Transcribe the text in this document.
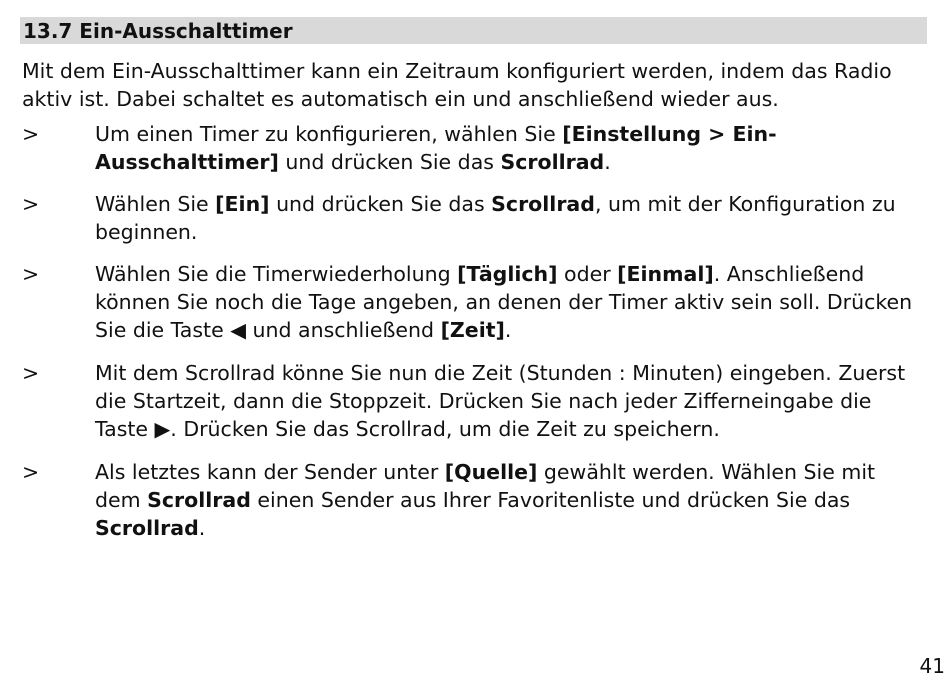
13.7 Ein-Ausschalttimer

Mit dem Ein-Ausschalttimer kann ein Zeitraum konfiguriert werden, indem das Radio aktiv ist. Dabei schaltet es automatisch ein und anschließend wieder aus.

>	Um einen Timer zu konfigurieren, wählen Sie [Einstellung > Ein-Ausschalttimer] und drücken Sie das Scrollrad.
>	Wählen Sie [Ein] und drücken Sie das Scrollrad, um mit der Konfiguration zu beginnen.
>	Wählen Sie die Timerwiederholung [Täglich] oder [Einmal]. Anschließend können Sie noch die Tage angeben, an denen der Timer aktiv sein soll. Drücken Sie die Taste ◀ und anschließend [Zeit].
>	Mit dem Scrollrad könne Sie nun die Zeit (Stunden : Minuten) eingeben. Zuerst die Startzeit, dann die Stoppzeit. Drücken Sie nach jeder Zifferneingabe die Taste ▶. Drücken Sie das Scrollrad, um die Zeit zu speichern.
>	Als letztes kann der Sender unter [Quelle] gewählt werden. Wählen Sie mit dem Scrollrad einen Sender aus Ihrer Favoritenliste und drücken Sie das Scrollrad.
41
